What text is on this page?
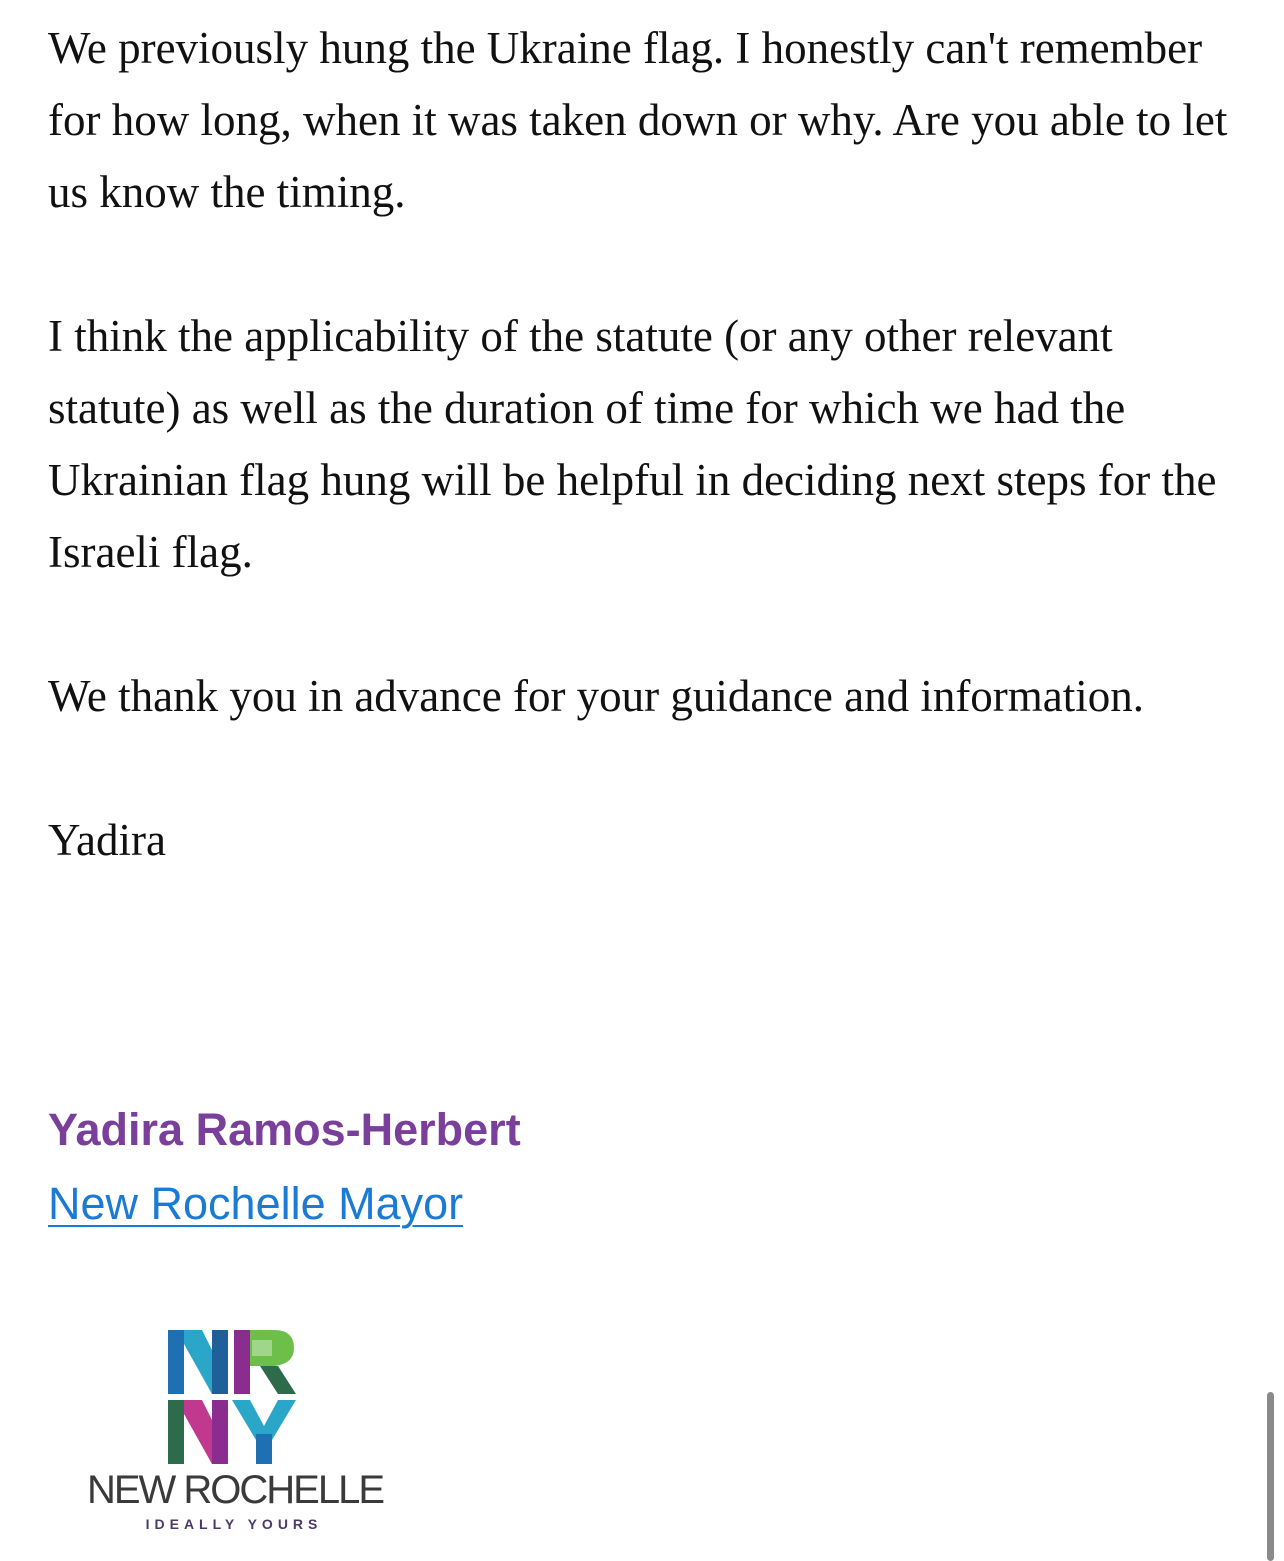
We previously hung the Ukraine flag. I honestly can't remember for how long, when it was taken down or why. Are you able to let us know the timing.

I think the applicability of the statute (or any other relevant statute) as well as the duration of time for which we had the Ukrainian flag hung will be helpful in deciding next steps for the Israeli flag.

We thank you in advance for your guidance and information.

Yadira

Yadira Ramos-Herbert
New Rochelle Mayor
NEW ROCHELLE
IDEALLY YOURS
